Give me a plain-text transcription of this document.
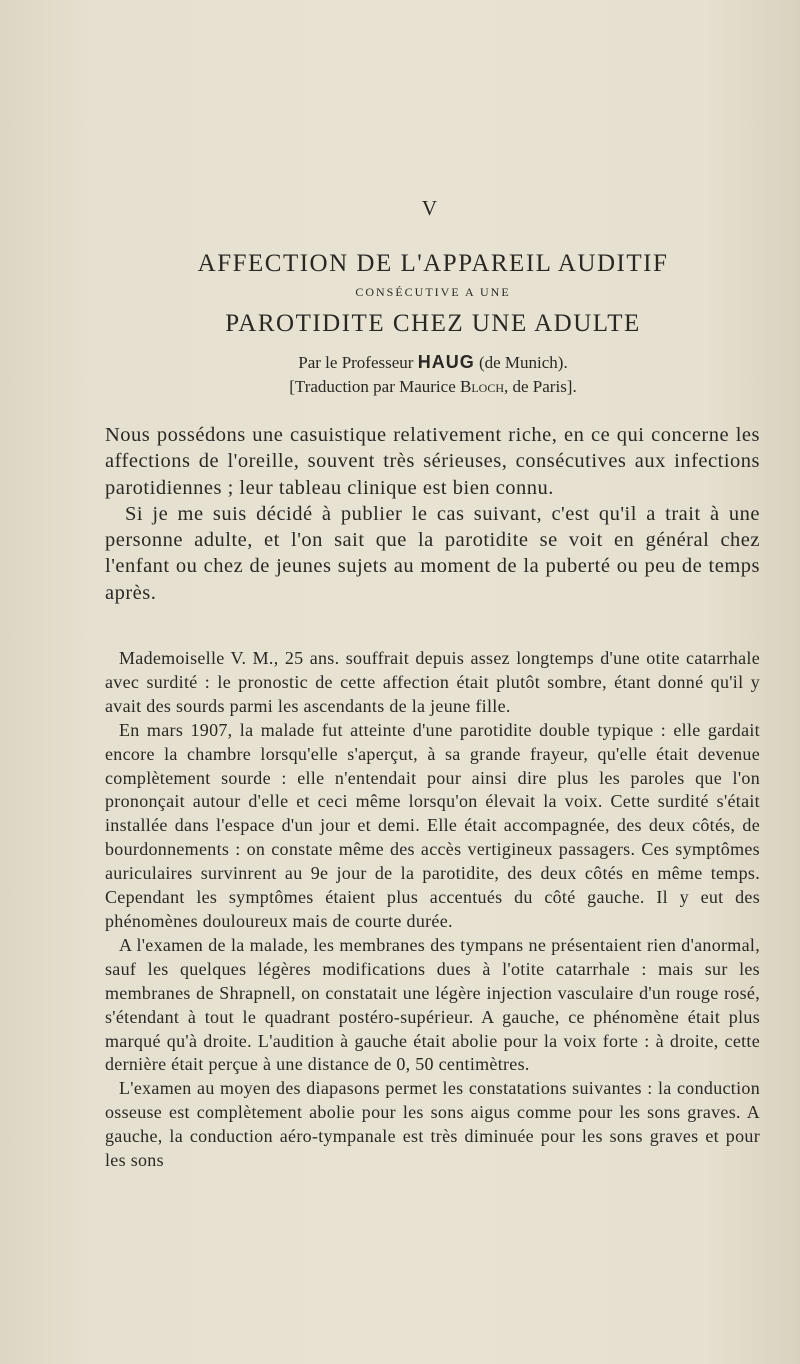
V
AFFECTION DE L'APPAREIL AUDITIF
CONSÉCUTIVE A UNE
PAROTIDITE CHEZ UNE ADULTE
Par le Professeur HAUG (de Munich).
[Traduction par Maurice Bloch, de Paris].

Nous possédons une casuistique relativement riche, en ce qui concerne les affections de l'oreille, souvent très sérieuses, consécutives aux infections parotidiennes ; leur tableau clinique est bien connu.

Si je me suis décidé à publier le cas suivant, c'est qu'il a trait à une personne adulte, et l'on sait que la parotidite se voit en général chez l'enfant ou chez de jeunes sujets au moment de la puberté ou peu de temps après.

Mademoiselle V. M., 25 ans. souffrait depuis assez longtemps d'une otite catarrhale avec surdité : le pronostic de cette affection était plutôt sombre, étant donné qu'il y avait des sourds parmi les ascendants de la jeune fille.

En mars 1907, la malade fut atteinte d'une parotidite double typique : elle gardait encore la chambre lorsqu'elle s'aperçut, à sa grande frayeur, qu'elle était devenue complètement sourde : elle n'entendait pour ainsi dire plus les paroles que l'on prononçait autour d'elle et ceci même lorsqu'on élevait la voix. Cette surdité s'était installée dans l'espace d'un jour et demi. Elle était accompagnée, des deux côtés, de bourdonnements : on constate même des accès vertigineux passagers. Ces symptômes auriculaires survinrent au 9e jour de la parotidite, des deux côtés en même temps. Cependant les symptômes étaient plus accentués du côté gauche. Il y eut des phénomènes douloureux mais de courte durée.

A l'examen de la malade, les membranes des tympans ne présentaient rien d'anormal, sauf les quelques légères modifications dues à l'otite catarrhale : mais sur les membranes de Shrapnell, on constatait une légère injection vasculaire d'un rouge rosé, s'étendant à tout le quadrant postéro-supérieur. A gauche, ce phénomène était plus marqué qu'à droite. L'audition à gauche était abolie pour la voix forte : à droite, cette dernière était perçue à une distance de 0, 50 centimètres.

L'examen au moyen des diapasons permet les constatations suivantes : la conduction osseuse est complètement abolie pour les sons aigus comme pour les sons graves. A gauche, la conduction aéro-tympanale est très diminuée pour les sons graves et pour les sons
